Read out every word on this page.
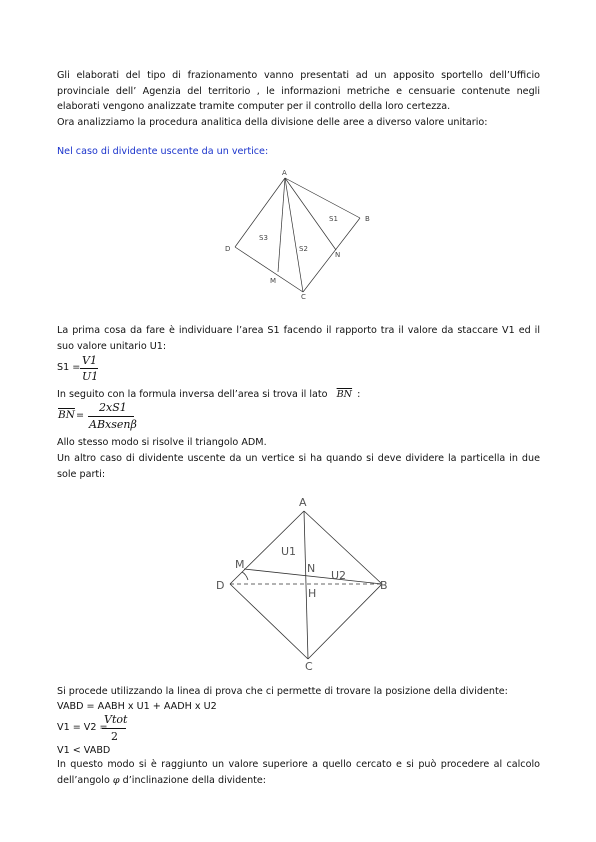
Gli elaborati del tipo di frazionamento vanno presentati ad un apposito sportello dell’Ufficio provinciale dell’ Agenzia del territorio , le informazioni metriche e censuarie contenute negli elaborati vengono analizzate tramite computer per il controllo della loro certezza.

Ora analizziamo la procedura analitica della divisione delle aree a diverso valore unitario:
Nel caso di dividente uscente da un vertice:
A
B
C
D
M
N
S1
S2
S3

La prima cosa da fare è individuare l’area S1 facendo il rapporto tra il valore da staccare V1 ed il suo valore unitario U1:

S1 =
V1
U1
In seguito con la formula inversa dell’area si trova il lato $\overline{BN}$ :
$\overline{BN}$ =
2xS1
ABxsenβ
Allo stesso modo si risolve il triangolo ADM.

Un altro caso di dividente uscente da un vertice si ha quando si deve dividere la particella in due sole parti:

A
B
C
D
M	N
H
U1
U2
Si procede utilizzando la linea di prova che ci permette di trovare la posizione della dividente:
VABD = AABH x U1 + AADH x U2
V1 = V2 =
Vtot
2
V1 < VABD

In questo modo si è raggiunto un valore superiore a quello cercato e si può procedere al calcolo dell’angolo φ d’inclinazione della dividente:
